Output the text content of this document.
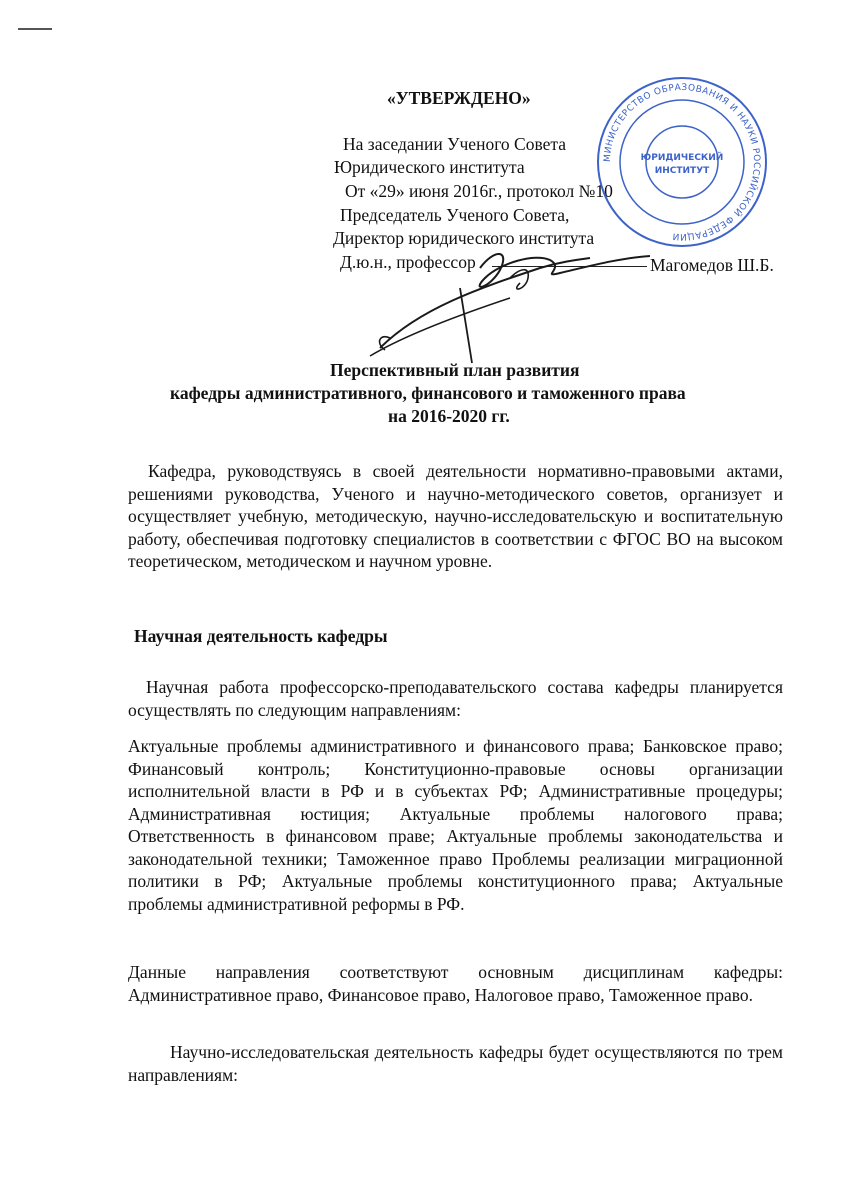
«УТВЕРЖДЕНО»
На заседании Ученого Совета
Юридического института
От «29» июня 2016г., протокол №10
Председатель Ученого Совета,
Директор юридического института
Д.ю.н., профессор	Магомедов Ш.Б.
МИНИСТЕРСТВО ОБРАЗОВАНИЯ И НАУКИ РОССИЙСКОЙ ФЕДЕРАЦИИ
ЮРИДИЧЕСКИЙ
ИНСТИТУТ
Перспективный план развития
кафедры административного, финансового и таможенного права
на 2016-2020 гг.
Кафедра, руководствуясь в своей деятельности нормативно-правовыми актами, решениями руководства, Ученого и научно-методического советов, организует и осуществляет учебную, методическую, научно-исследовательскую и воспитательную работу, обеспечивая подготовку специалистов в соответствии с ФГОС ВО на высоком теоретическом, методическом и научном уровне.
Научная деятельность кафедры
Научная работа профессорско-преподавательского состава кафедры планируется осуществлять по следующим направлениям:
Актуальные проблемы административного и финансового права; Банковское право; Финансовый контроль; Конституционно-правовые основы организации исполнительной власти в РФ и в субъектах РФ; Административные процедуры; Административная юстиция; Актуальные проблемы налогового права; Ответственность в финансовом праве; Актуальные проблемы законодательства и законодательной техники; Таможенное право Проблемы реализации миграционной политики в РФ; Актуальные проблемы конституционного права; Актуальные проблемы административной реформы в РФ.
Данные направления соответствуют основным дисциплинам кафедры: Административное право, Финансовое право, Налоговое право, Таможенное право.
Научно-исследовательская деятельность кафедры будет осуществляются по трем направлениям:
